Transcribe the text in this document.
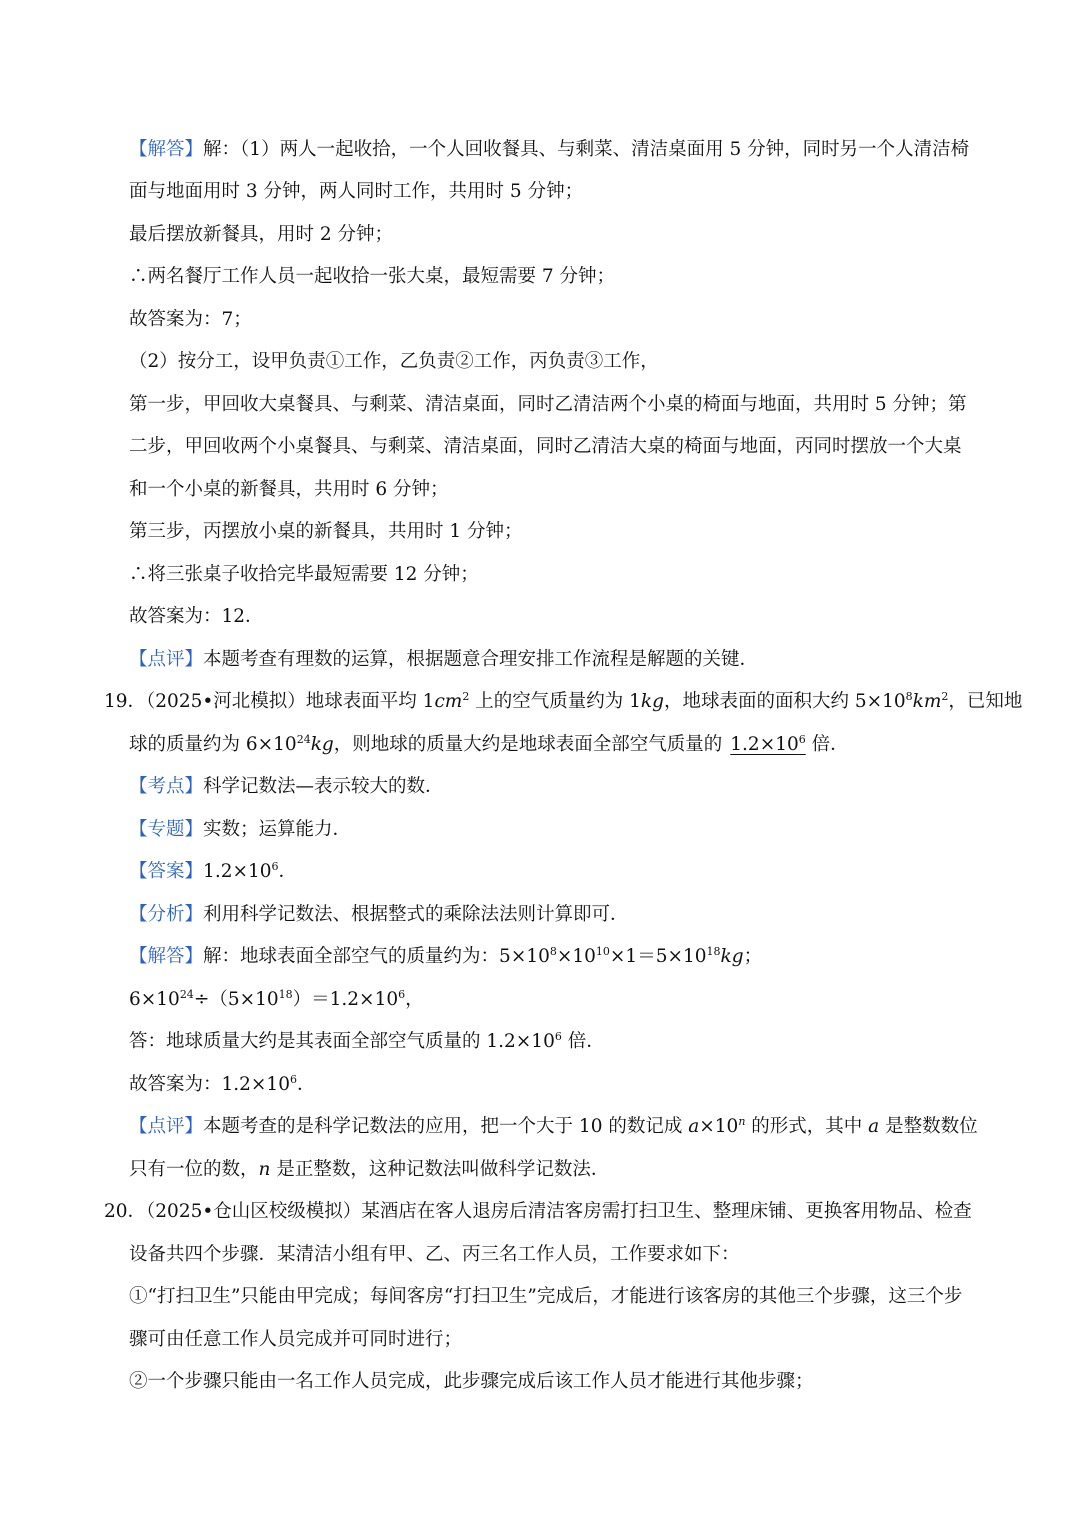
【解答】解：（1）两人一起收拾，一个人回收餐具、与剩菜、清洁桌面用 5 分钟，同时另一个人清洁椅
面与地面用时 3 分钟，两人同时工作，共用时 5 分钟；
最后摆放新餐具，用时 2 分钟；
∴两名餐厅工作人员一起收拾一张大桌，最短需要 7 分钟；
故答案为：7；
（2）按分工，设甲负责①工作，乙负责②工作，丙负责③工作，
第一步，甲回收大桌餐具、与剩菜、清洁桌面，同时乙清洁两个小桌的椅面与地面，共用时 5 分钟；第
二步，甲回收两个小桌餐具、与剩菜、清洁桌面，同时乙清洁大桌的椅面与地面，丙同时摆放一个大桌
和一个小桌的新餐具，共用时 6 分钟；
第三步，丙摆放小桌的新餐具，共用时 1 分钟；
∴将三张桌子收拾完毕最短需要 12 分钟；
故答案为：12．
【点评】本题考查有理数的运算，根据题意合理安排工作流程是解题的关键．
19．（2025•河北模拟）地球表面平均 $1cm^2$ 上的空气质量约为 1kg，地球表面的面积大约 $5\times 10^8km^2$，已知地
球的质量约为 $6\times 10^{24}kg$，则地球的质量大约是地球表面全部空气质量的 $1.2\times 10^6$ 倍．
【考点】科学记数法—表示较大的数．
【专题】实数；运算能力．
【答案】$1.2\times 10^6$．
【分析】利用科学记数法、根据整式的乘除法法则计算即可．
【解答】解：地球表面全部空气的质量约为：$5\times 10^8\times 10^{10}\times 1=5\times 10^{18}kg$；
$6\times 10^{24}\div(5\times 10^{18})=1.2\times 10^6$，
答：地球质量大约是其表面全部空气质量的 $1.2\times 10^6$ 倍．
故答案为：$1.2\times 10^6$．
【点评】本题考查的是科学记数法的应用，把一个大于 10 的数记成 $a\times 10^n$ 的形式，其中 a 是整数数位
只有一位的数，n 是正整数，这种记数法叫做科学记数法．
20．（2025•仓山区校级模拟）某酒店在客人退房后清洁客房需打扫卫生、整理床铺、更换客用物品、检查
设备共四个步骤．某清洁小组有甲、乙、丙三名工作人员，工作要求如下：
①“打扫卫生”只能由甲完成；每间客房“打扫卫生”完成后，才能进行该客房的其他三个步骤，这三个步
骤可由任意工作人员完成并可同时进行；
②一个步骤只能由一名工作人员完成，此步骤完成后该工作人员才能进行其他步骤；
